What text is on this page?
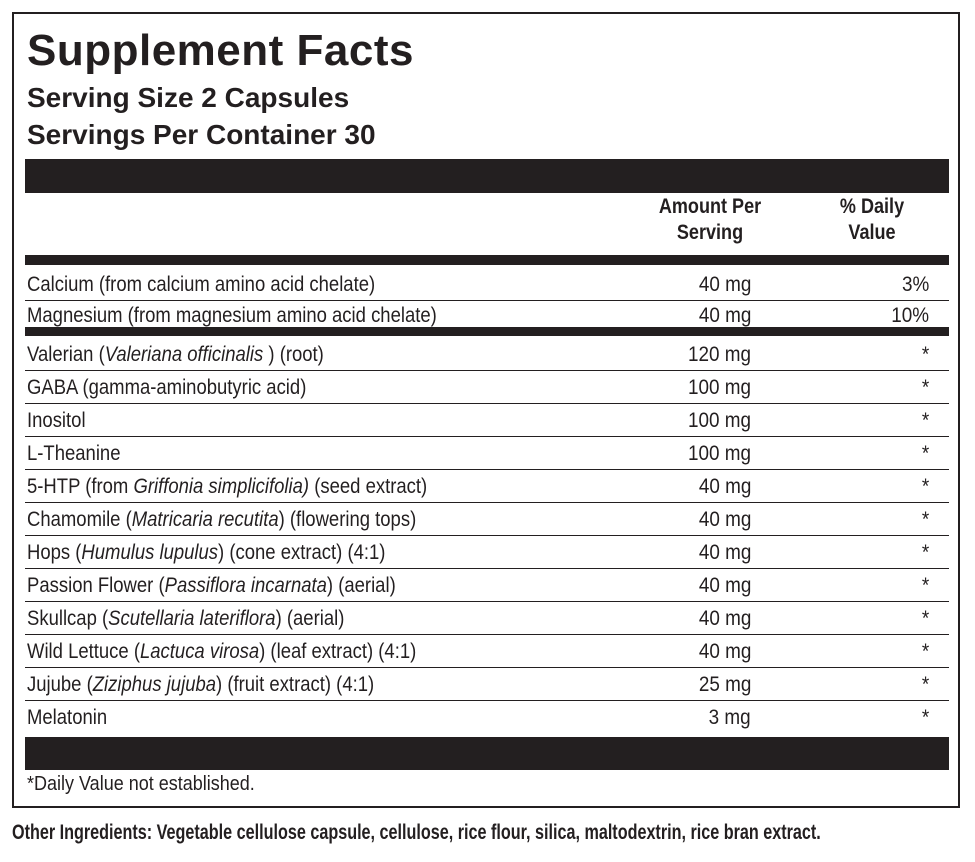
Supplement Facts
Serving Size 2 Capsules
Servings Per Container 30
Amount Per Serving
% Daily Value
Calcium (from calcium amino acid chelate)	40 mg	3%
Magnesium (from magnesium amino acid chelate)	40 mg	10%
Valerian (Valeriana officinalis ) (root)	120 mg	*
GABA (gamma-aminobutyric acid)	100 mg	*
Inositol	100 mg	*
L-Theanine	100 mg	*
5-HTP (from Griffonia simplicifolia) (seed extract)	40 mg	*
Chamomile (Matricaria recutita) (flowering tops)	40 mg	*
Hops (Humulus lupulus) (cone extract) (4:1)	40 mg	*
Passion Flower (Passiflora incarnata) (aerial)	40 mg	*
Skullcap (Scutellaria lateriflora) (aerial)	40 mg	*
Wild Lettuce (Lactuca virosa) (leaf extract) (4:1)	40 mg	*
Jujube (Ziziphus jujuba) (fruit extract) (4:1)	25 mg	*
Melatonin	3 mg	*
*Daily Value not established.
Other Ingredients: Vegetable cellulose capsule, cellulose, rice flour, silica, maltodextrin, rice bran extract.
